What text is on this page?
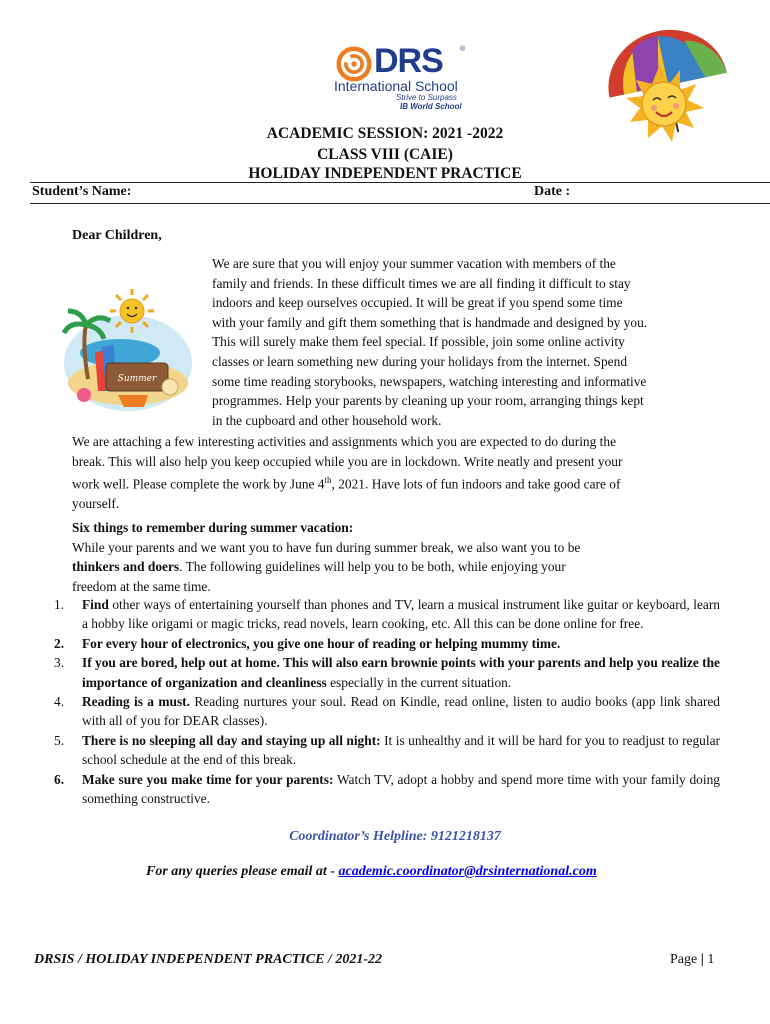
DRS ®
International School
Strive to Surpass
IB World School
ACADEMIC SESSION: 2021 -2022
CLASS VIII (CAIE)
HOLIDAY INDEPENDENT PRACTICE
Student’s Name:	Date :
Dear Children,
Summer
We are sure that you will enjoy your summer vacation with members of the
family and friends. In these difficult times we are all finding it difficult to stay
indoors and keep ourselves occupied. It will be great if you spend some time
with your family and gift them something that is handmade and designed by you.
This will surely make them feel special. If possible, join some online activity
classes or learn something new during your holidays from the internet. Spend
some time reading storybooks, newspapers, watching interesting and informative
programmes. Help your parents by cleaning up your room, arranging things kept
in the cupboard and other household work.
We are attaching a few interesting activities and assignments which you are expected to do during the
break. This will also help you keep occupied while you are in lockdown. Write neatly and present your
work well. Please complete the work by June 4th, 2021. Have lots of fun indoors and take good care of
yourself.
Six things to remember during summer vacation:
While your parents and we want you to have fun during summer break, we also want you to be
thinkers and doers. The following guidelines will help you to be both, while enjoying your
freedom at the same time.
1. Find other ways of entertaining yourself than phones and TV, learn a musical instrument like guitar or keyboard, learn a hobby like origami or magic tricks, read novels, learn cooking, etc. All this can be done online for free.
2. For every hour of electronics, you give one hour of reading or helping mummy time.
3. If you are bored, help out at home. This will also earn brownie points with your parents and help you realize the importance of organization and cleanliness especially in the current situation.
4. Reading is a must. Reading nurtures your soul. Read on Kindle, read online, listen to audio books (app link shared with all of you for DEAR classes).
5. There is no sleeping all day and staying up all night: It is unhealthy and it will be hard for you to readjust to regular school schedule at the end of this break.
6. Make sure you make time for your parents: Watch TV, adopt a hobby and spend more time with your family doing something constructive.
Coordinator’s Helpline: 9121218137
For any queries please email at - academic.coordinator@drsinternational.com
DRSIS / HOLIDAY INDEPENDENT PRACTICE / 2021-22	Page | 1
